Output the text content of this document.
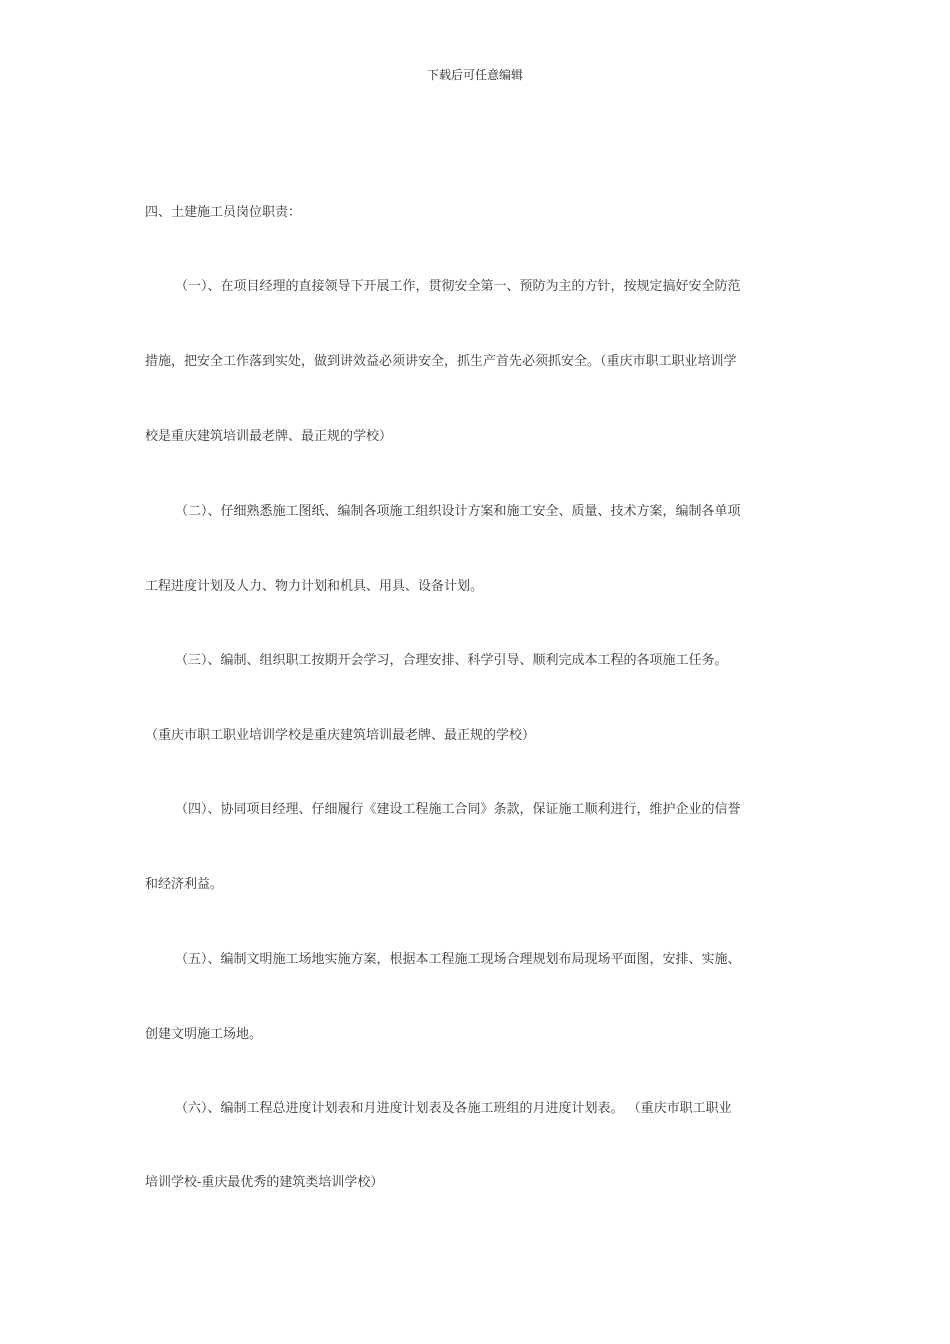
下载后可任意编辑
四、土建施工员岗位职责：
（一）、在项目经理的直接领导下开展工作，贯彻安全第一、预防为主的方针，按规定搞好安全防范
措施，把安全工作落到实处，做到讲效益必须讲安全，抓生产首先必须抓安全。（重庆市职工职业培训学
校是重庆建筑培训最老牌、最正规的学校）
（二）、仔细熟悉施工图纸、编制各项施工组织设计方案和施工安全、质量、技术方案，编制各单项
工程进度计划及人力、物力计划和机具、用具、设备计划。
（三）、编制、组织职工按期开会学习，合理安排、科学引导、顺利完成本工程的各项施工任务。
（重庆市职工职业培训学校是重庆建筑培训最老牌、最正规的学校）
（四）、协同项目经理、仔细履行《建设工程施工合同》条款，保证施工顺利进行，维护企业的信誉
和经济利益。
（五）、编制文明施工场地实施方案，根据本工程施工现场合理规划布局现场平面图，安排、实施、
创建文明施工场地。
（六）、编制工程总进度计划表和月进度计划表及各施工班组的月进度计划表。 （重庆市职工职业
培训学校-重庆最优秀的建筑类培训学校）
